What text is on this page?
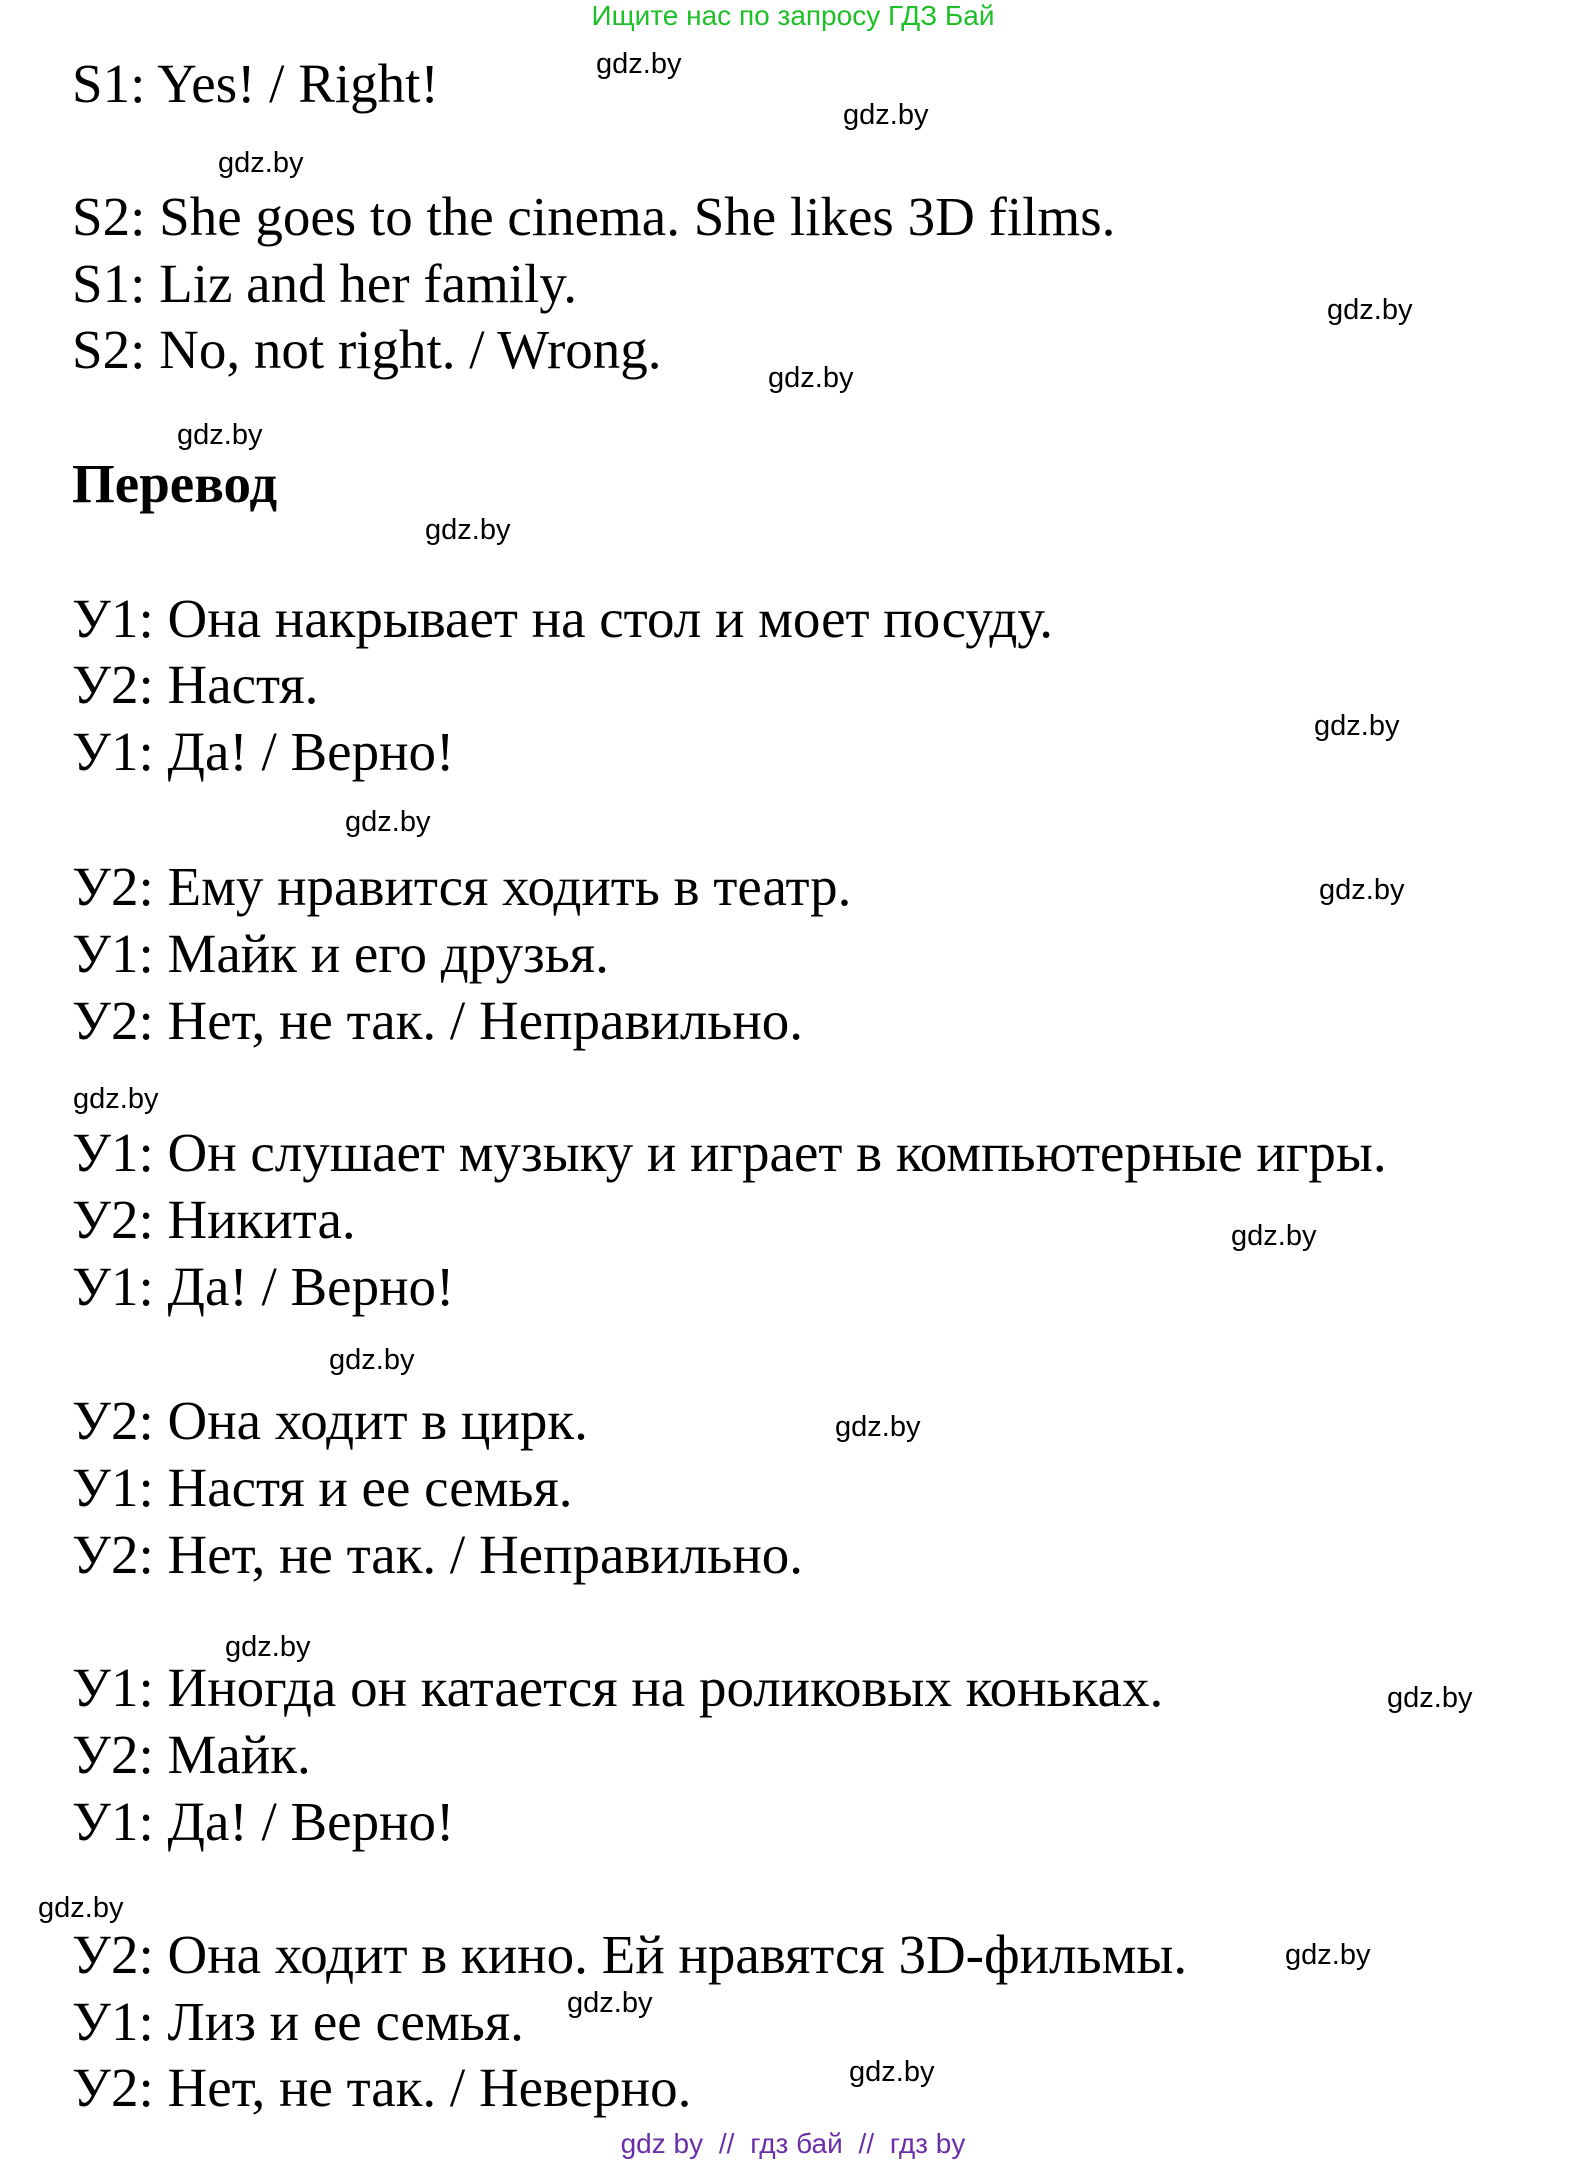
Ищите нас по запросу ГДЗ Бай
S1: Yes! / Right!
S2: She goes to the cinema. She likes 3D films.
S1: Liz and her family.
S2: No, not right. / Wrong.
Перевод
У1: Она накрывает на стол и моет посуду.
У2: Настя.
У1: Да! / Верно!
У2: Ему нравится ходить в театр.
У1: Майк и его друзья.
У2: Нет, не так. / Неправильно.
У1: Он слушает музыку и играет в компьютерные игры.
У2: Никита.
У1: Да! / Верно!
У2: Она ходит в цирк.
У1: Настя и ее семья.
У2: Нет, не так. / Неправильно.
У1: Иногда он катается на роликовых коньках.
У2: Майк.
У1: Да! / Верно!
У2: Она ходит в кино. Ей нравятся 3D-фильмы.
У1: Лиз и ее семья.
У2: Нет, не так. / Неверно.
gdz.by
gdz.by
gdz.by
gdz.by
gdz.by
gdz.by
gdz.by
gdz.by
gdz.by
gdz.by
gdz.by
gdz.by
gdz.by
gdz.by
gdz.by
gdz.by
gdz.by
gdz.by
gdz.by
gdz.by
gdz by // гдз бай // гдз by
